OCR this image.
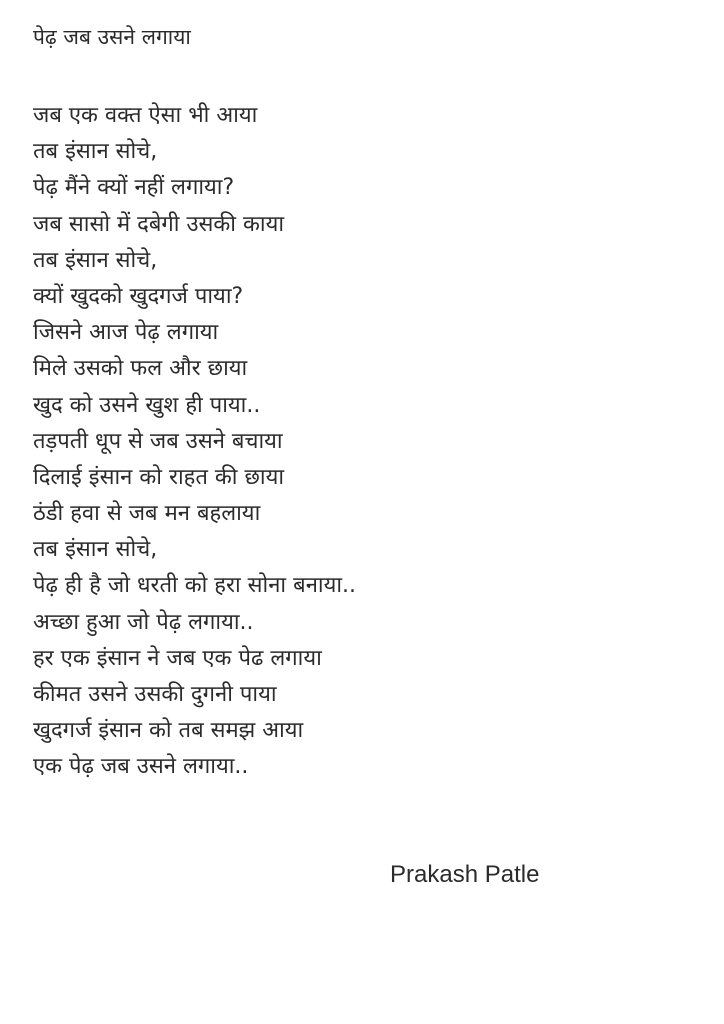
पेढ़ जब उसने लगाया
जब एक वक्त ऐसा भी आया
तब इंसान सोचे,
पेढ़ मैंने क्यों नहीं लगाया?
जब सासो में दबेगी उसकी काया
तब इंसान सोचे,
क्यों खुदको खुदगर्ज पाया?
जिसने आज पेढ़ लगाया
मिले उसको फल और छाया
खुद को उसने खुश ही पाया..
तड़पती धूप से जब उसने बचाया
दिलाई इंसान को राहत की छाया
ठंडी हवा से जब मन बहलाया
तब इंसान सोचे,
पेढ़ ही है जो धरती को हरा सोना बनाया..
अच्छा हुआ जो पेढ़ लगाया..
हर एक इंसान ने जब एक पेढ लगाया
कीमत उसने उसकी दुगनी पाया
खुदगर्ज इंसान को तब समझ आया
एक पेढ़ जब उसने लगाया..
Prakash Patle
